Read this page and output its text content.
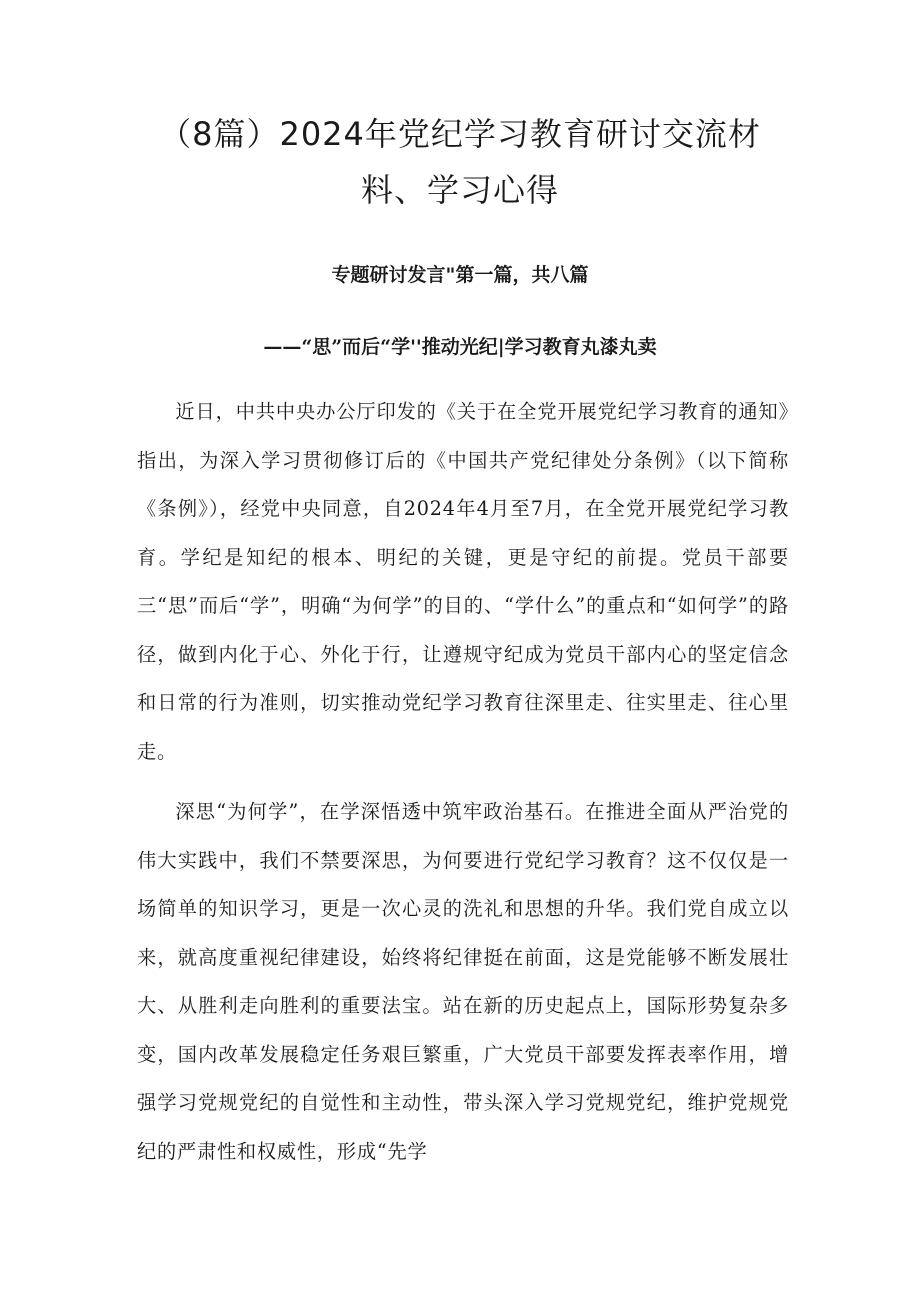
（8篇）2024年党纪学习教育研讨交流材
料、学习心得

专题研讨发言"第一篇，共八篇

——“思”而后“学''推动光纪|学习教育丸漆丸卖

近日，中共中央办公厅印发的《关于在全党开展党纪学习教育的通知》指出，为深入学习贯彻修订后的《中国共产党纪律处分条例》（以下简称《条例》），经党中央同意，自2024年4月至7月，在全党开展党纪学习教育。学纪是知纪的根本、明纪的关键，更是守纪的前提。党员干部要三“思”而后“学”，明确“为何学”的目的、“学什么”的重点和“如何学”的路径，做到内化于心、外化于行，让遵规守纪成为党员干部内心的坚定信念和日常的行为准则，切实推动党纪学习教育往深里走、往实里走、往心里走。

深思“为何学”，在学深悟透中筑牢政治基石。在推进全面从严治党的伟大实践中，我们不禁要深思，为何要进行党纪学习教育？这不仅仅是一场简单的知识学习，更是一次心灵的洗礼和思想的升华。我们党自成立以来，就高度重视纪律建设，始终将纪律挺在前面，这是党能够不断发展壮大、从胜利走向胜利的重要法宝。站在新的历史起点上，国际形势复杂多变，国内改革发展稳定任务艰巨繁重，广大党员干部要发挥表率作用，增强学习党规党纪的自觉性和主动性，带头深入学习党规党纪，维护党规党纪的严肃性和权威性，形成“先学
